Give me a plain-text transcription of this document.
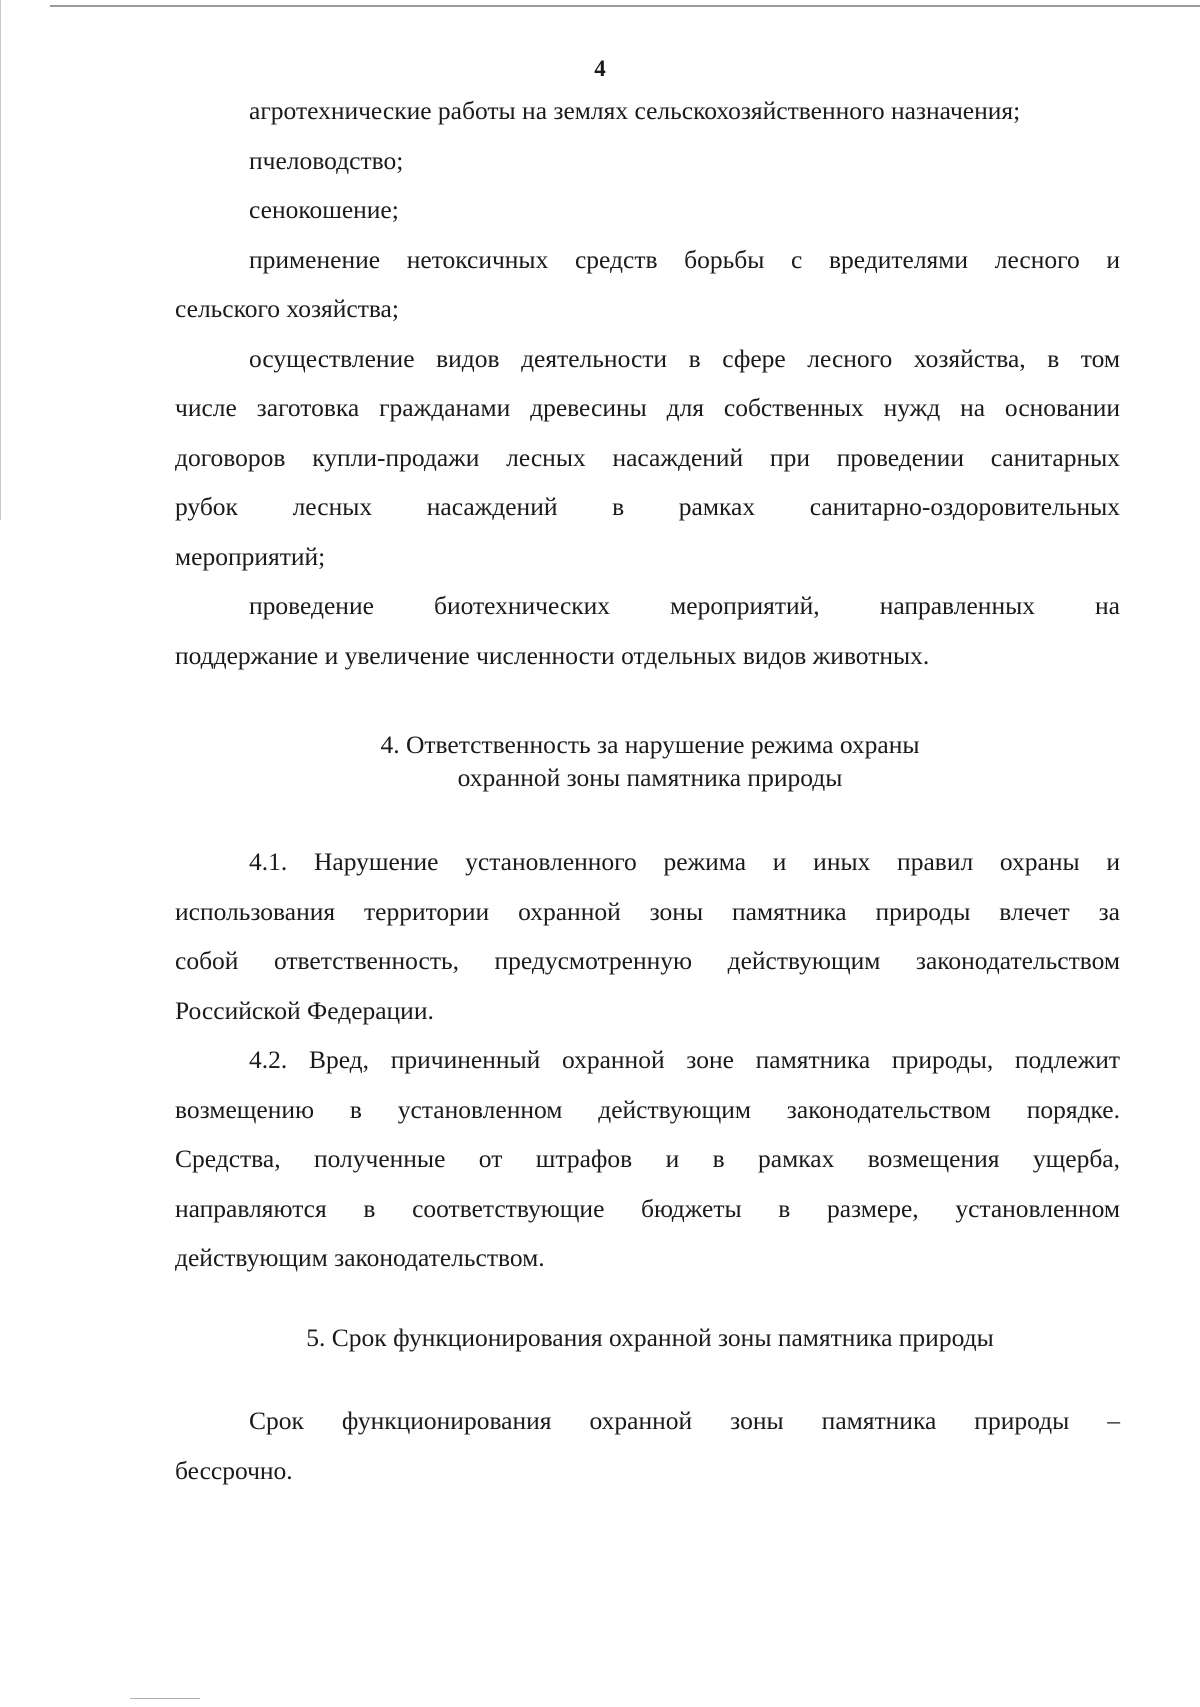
4
агротехнические работы на землях сельскохозяйственного назначения;
пчеловодство;
сенокошение;
применение нетоксичных средств борьбы с вредителями лесного и
сельского хозяйства;
осуществление видов деятельности в сфере лесного хозяйства, в том
числе заготовка гражданами древесины для собственных нужд на основании
договоров купли-продажи лесных насаждений при проведении санитарных
рубок лесных насаждений в рамках санитарно-оздоровительных
мероприятий;
проведение биотехнических мероприятий, направленных на
поддержание и увеличение численности отдельных видов животных.
4. Ответственность за нарушение режима охраны
охранной зоны памятника природы
4.1. Нарушение установленного режима и иных правил охраны и
использования территории охранной зоны памятника природы влечет за
собой ответственность, предусмотренную действующим законодательством
Российской Федерации.
4.2. Вред, причиненный охранной зоне памятника природы, подлежит
возмещению в установленном действующим законодательством порядке.
Средства, полученные от штрафов и в рамках возмещения ущерба,
направляются в соответствующие бюджеты в размере, установленном
действующим законодательством.
5. Срок функционирования охранной зоны памятника природы
Срок функционирования охранной зоны памятника природы –
бессрочно.
